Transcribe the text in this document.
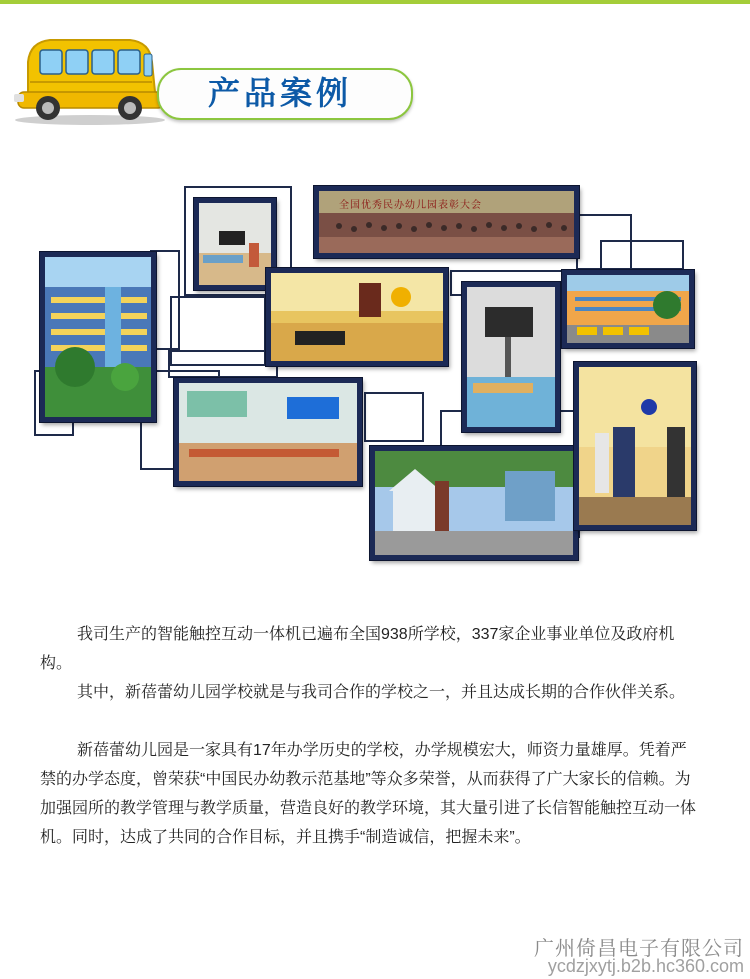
产品案例
全国优秀民办幼儿园表彰大会

我司生产的智能触控互动一体机已遍布全国938所学校，337家企业事业单位及政府机构。

其中，新蓓蕾幼儿园学校就是与我司合作的学校之一，并且达成长期的合作伙伴关系。

新蓓蕾幼儿园是一家具有17年办学历史的学校，办学规模宏大，师资力量雄厚。凭着严禁的办学态度，曾荣获“中国民办幼教示范基地”等众多荣誉，从而获得了广大家长的信赖。为加强园所的教学管理与教学质量，营造良好的教学环境，其大量引进了长信智能触控互动一体机。同时，达成了共同的合作目标，并且携手“制造诚信，把握未来”。

广州倚昌电子有限公司
ycdzjxytj.b2b.hc360.com
